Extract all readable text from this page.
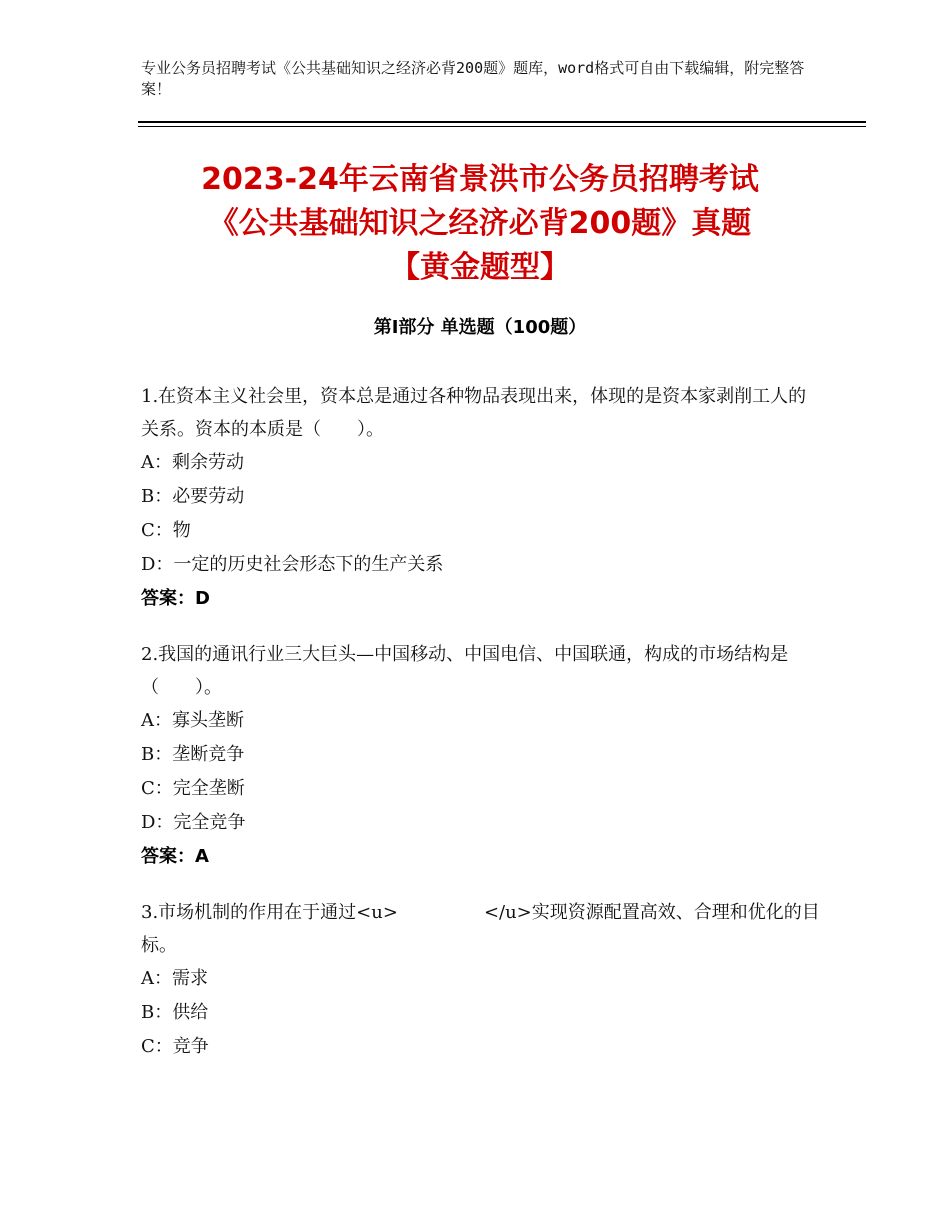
专业公务员招聘考试《公共基础知识之经济必背200题》题库，word格式可自由下载编辑，附完整答案！
2023-24年云南省景洪市公务员招聘考试
《公共基础知识之经济必背200题》真题
【黄金题型】
第Ⅰ部分 单选题（100题）
1.在资本主义社会里，资本总是通过各种物品表现出来，体现的是资本家剥削工人的关系。资本的本质是（　　）。
A：剩余劳动
B：必要劳动
C：物
D：一定的历史社会形态下的生产关系
答案：D
2.我国的通讯行业三大巨头—中国移动、中国电信、中国联通，构成的市场结构是（　　）。
A：寡头垄断
B：垄断竞争
C：完全垄断
D：完全竞争
答案：A
3.市场机制的作用在于通过<u>	</u>实现资源配置高效、合理和优化的目标。
A：需求
B：供给
C：竞争
